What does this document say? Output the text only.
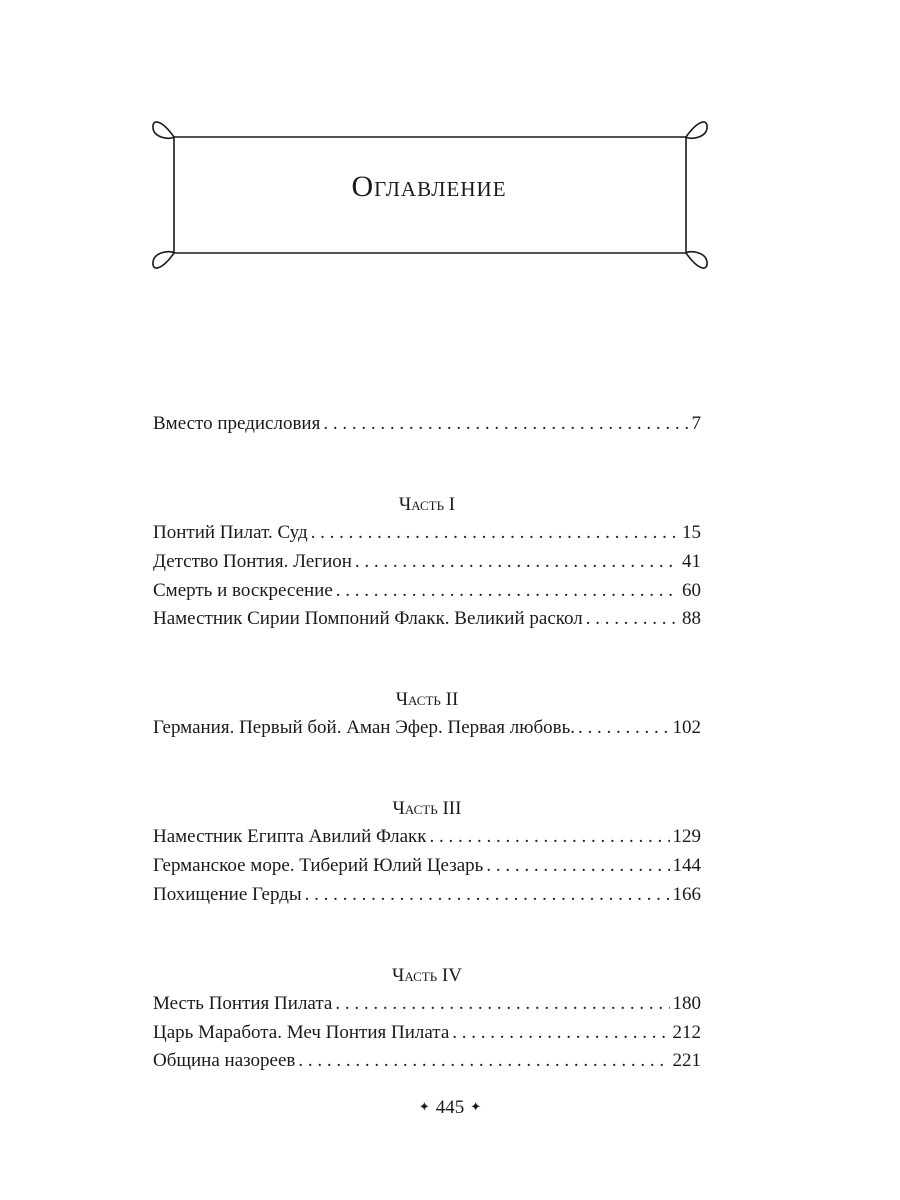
Оглавление
Вместо предисловия . . .	7
Часть I
Понтий Пилат. Суд . . .	15
Детство Понтия. Легион . . .	41
Смерть и воскресение . . .	60
Наместник Сирии Помпоний Флакк. Великий раскол . . .	88
Часть II
Германия. Первый бой. Аман Эфер. Первая любовь. . . .	102
Часть III
Наместник Египта Авилий Флакк . . .	129
Германское море. Тиберий Юлий Цезарь . . .	144
Похищение Герды . . .	166
Часть IV
Месть Понтия Пилата . . .	180
Царь Маработа. Меч Понтия Пилата . . .	212
Община назореев . . .	221
✦ 445 ✦
